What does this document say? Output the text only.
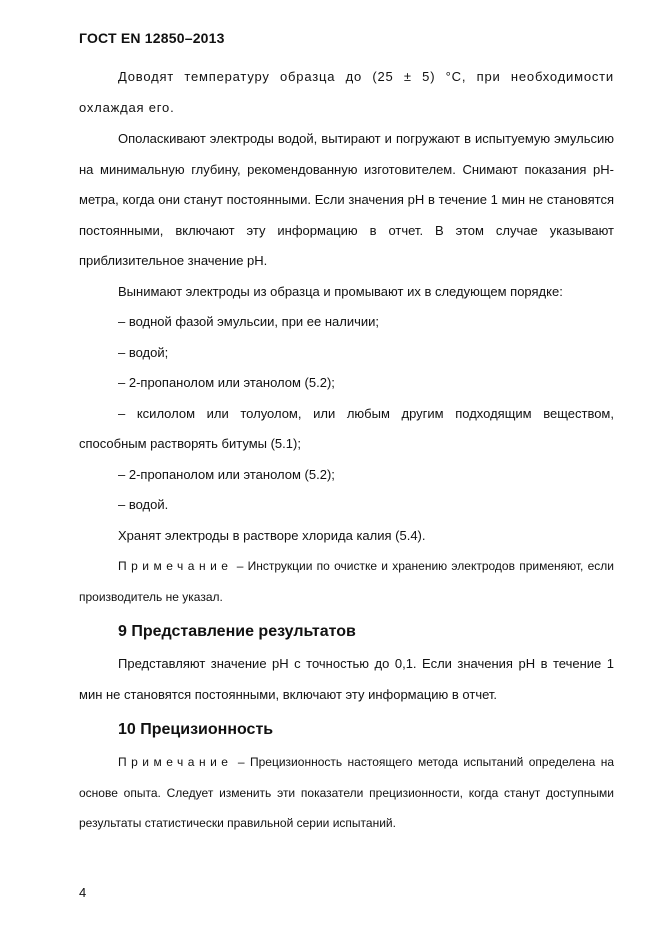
ГОСТ EN 12850–2013

Доводят температуру образца до (25 ± 5) °С, при необходимости охлаждая его.

Ополаскивают электроды водой, вытирают и погружают в испытуемую эмульсию на минимальную глубину, рекомендованную изготовителем. Снимают показания рН-метра, когда они станут постоянными. Если значения рН в течение 1 мин не становятся постоянными, включают эту информацию в отчет. В этом случае указывают приблизительное значение рН.

Вынимают электроды из образца и промывают их в следующем порядке:

– водной фазой эмульсии, при ее наличии;

– водой;

– 2-пропанолом или этанолом (5.2);

– ксилолом или толуолом, или любым другим подходящим веществом, способным растворять битумы (5.1);

– 2-пропанолом или этанолом (5.2);

– водой.

Хранят электроды в растворе хлорида калия (5.4).

Примечание – Инструкции по очистке и хранению электродов применяют, если производитель не указал.

9 Представление результатов

Представляют значение рН с точностью до 0,1. Если значения рН в течение 1 мин не становятся постоянными, включают эту информацию в отчет.

10 Прецизионность

Примечание – Прецизионность настоящего метода испытаний определена на основе опыта. Следует изменить эти показатели прецизионности, когда станут доступными результаты статистически правильной серии испытаний.

4
